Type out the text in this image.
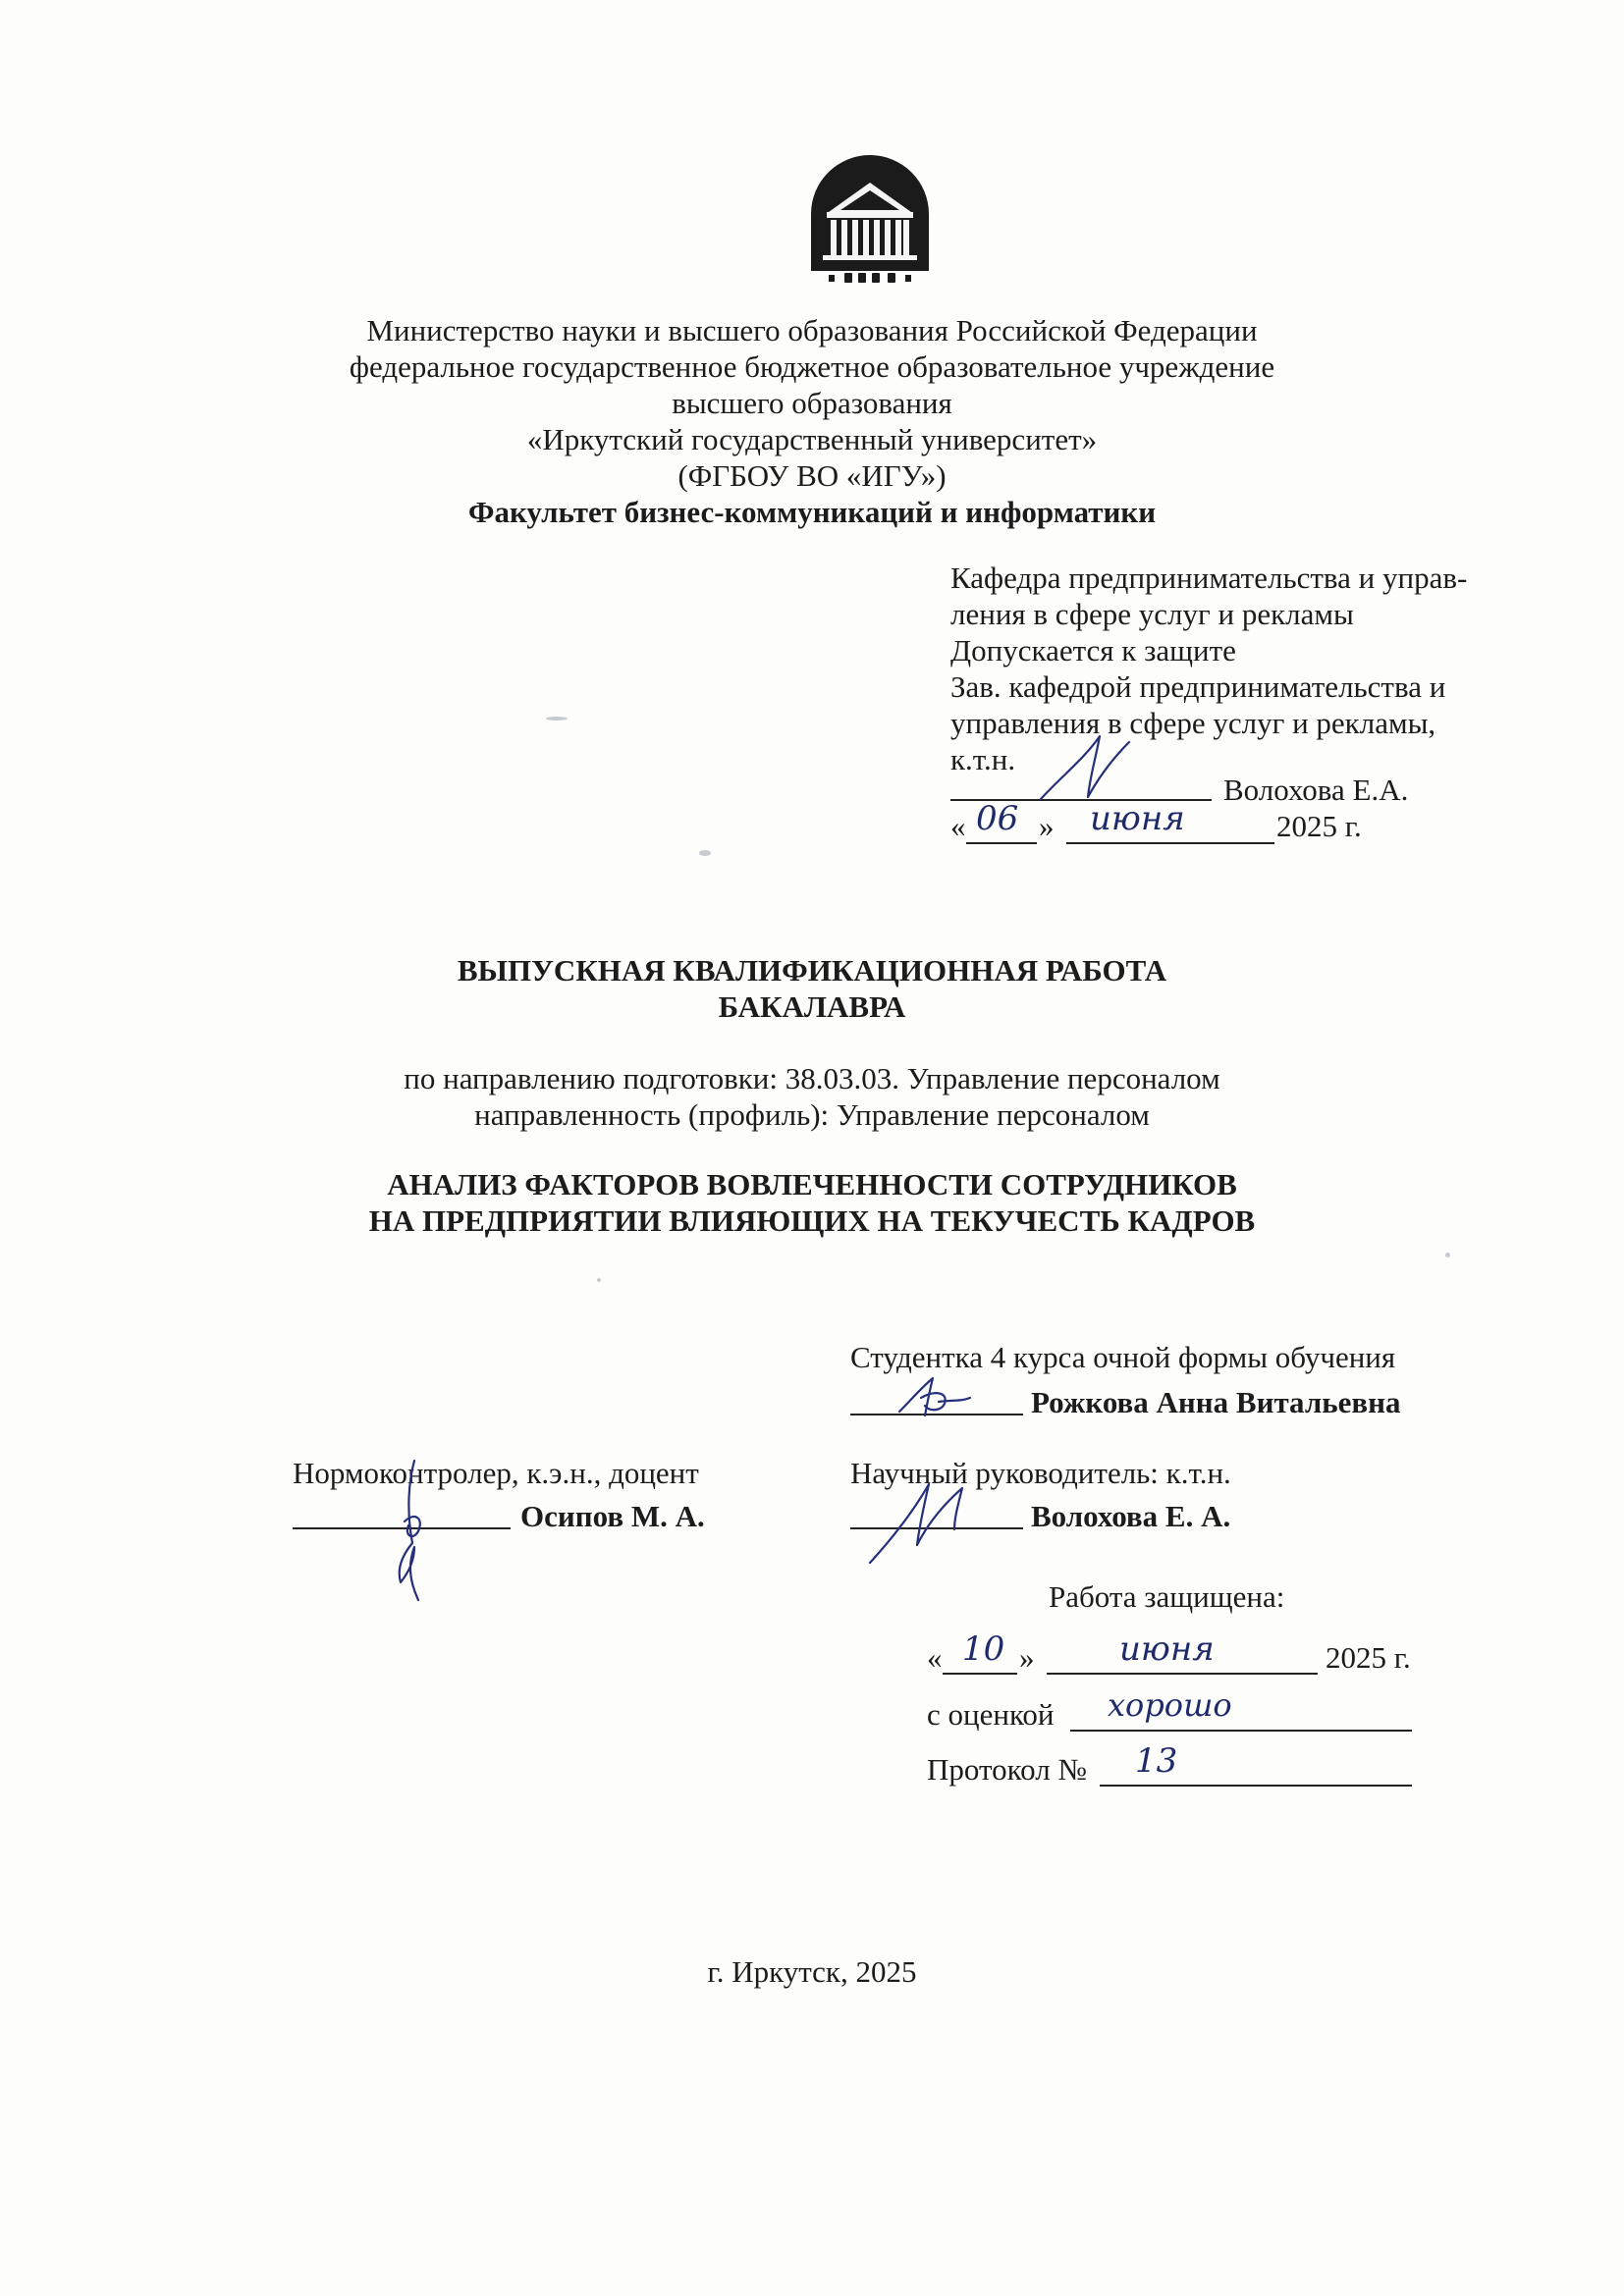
Министерство науки и высшего образования Российской Федерации
федеральное государственное бюджетное образовательное учреждение
высшего образования
«Иркутский государственный университет»
(ФГБОУ ВО «ИГУ»)
Факультет бизнес-коммуникаций и информатики
Кафедра предпринимательства и управ-
ления в сфере услуг и рекламы
Допускается к защите
Зав. кафедрой предпринимательства и
управления в сфере услуг и рекламы,
к.т.н.
Волохова Е.А.
« 06 » июня	2025 г.
ВЫПУСКНАЯ КВАЛИФИКАЦИОННАЯ РАБОТА
БАКАЛАВРА
по направлению подготовки: 38.03.03. Управление персоналом
направленность (профиль): Управление персоналом
АНАЛИЗ ФАКТОРОВ ВОВЛЕЧЕННОСТИ СОТРУДНИКОВ
НА ПРЕДПРИЯТИИ ВЛИЯЮЩИХ НА ТЕКУЧЕСТЬ КАДРОВ
Студентка 4 курса очной формы обучения
Рожкова Анна Витальевна
Нормоконтролер, к.э.н., доцент
Осипов М. А.
Научный руководитель: к.т.н.
Волохова Е. А.
Работа защищена:
« 10 »	июня	2025 г.
с оценкой хорошо
Протокол № 13
г. Иркутск, 2025
